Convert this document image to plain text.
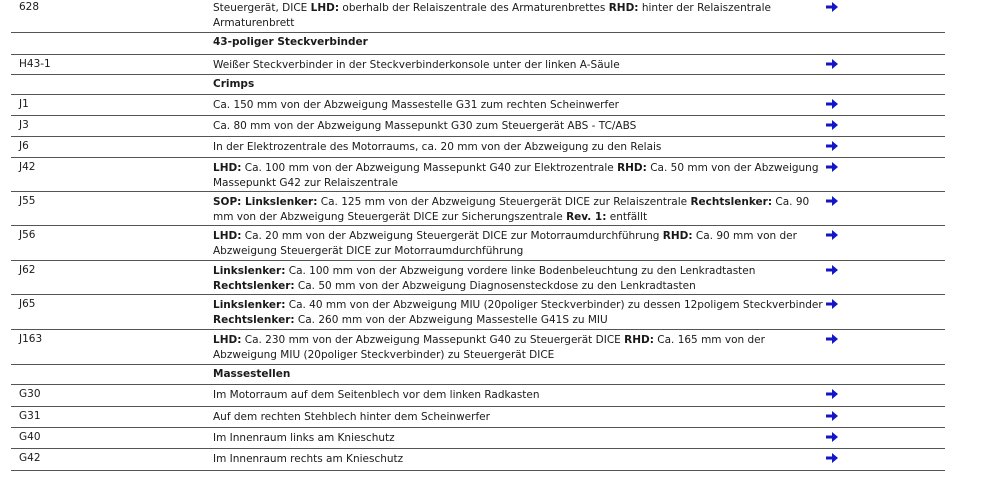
628	Steuergerät, DICE LHD: oberhalb der Relaiszentrale des Armaturenbrettes RHD: hinter der Relaiszentrale Armaturenbrett
43-poliger Steckverbinder
H43-1	Weißer Steckverbinder in der Steckverbinderkonsole unter der linken A-Säule
Crimps
J1	Ca. 150 mm von der Abzweigung Massestelle G31 zum rechten Scheinwerfer
J3	Ca. 80 mm von der Abzweigung Massepunkt G30 zum Steuergerät ABS - TC/ABS
J6	In der Elektrozentrale des Motorraums, ca. 20 mm von der Abzweigung zu den Relais
J42	LHD: Ca. 100 mm von der Abzweigung Massepunkt G40 zur Elektrozentrale RHD: Ca. 50 mm von der Abzweigung Massepunkt G42 zur Relaiszentrale
J55	SOP: Linkslenker: Ca. 125 mm von der Abzweigung Steuergerät DICE zur Relaiszentrale Rechtslenker: Ca. 90 mm von der Abzweigung Steuergerät DICE zur Sicherungszentrale Rev. 1: entfällt
J56	LHD: Ca. 20 mm von der Abzweigung Steuergerät DICE zur Motorraumdurchführung RHD: Ca. 90 mm von der Abzweigung Steuergerät DICE zur Motorraumdurchführung
J62	Linkslenker: Ca. 100 mm von der Abzweigung vordere linke Bodenbeleuchtung zu den Lenkradtasten
Rechtslenker: Ca. 50 mm von der Abzweigung Diagnosensteckdose zu den Lenkradtasten
J65	Linkslenker: Ca. 40 mm von der Abzweigung MIU (20poliger Steckverbinder) zu dessen 12poligem Steckverbinder
Rechtslenker: Ca. 260 mm von der Abzweigung Massestelle G41S zu MIU
J163	LHD: Ca. 230 mm von der Abzweigung Massepunkt G40 zu Steuergerät DICE RHD: Ca. 165 mm von der Abzweigung MIU (20poliger Steckverbinder) zu Steuergerät DICE
Massestellen
G30	Im Motorraum auf dem Seitenblech vor dem linken Radkasten
G31	Auf dem rechten Stehblech hinter dem Scheinwerfer
G40	Im Innenraum links am Knieschutz
G42	Im Innenraum rechts am Knieschutz
